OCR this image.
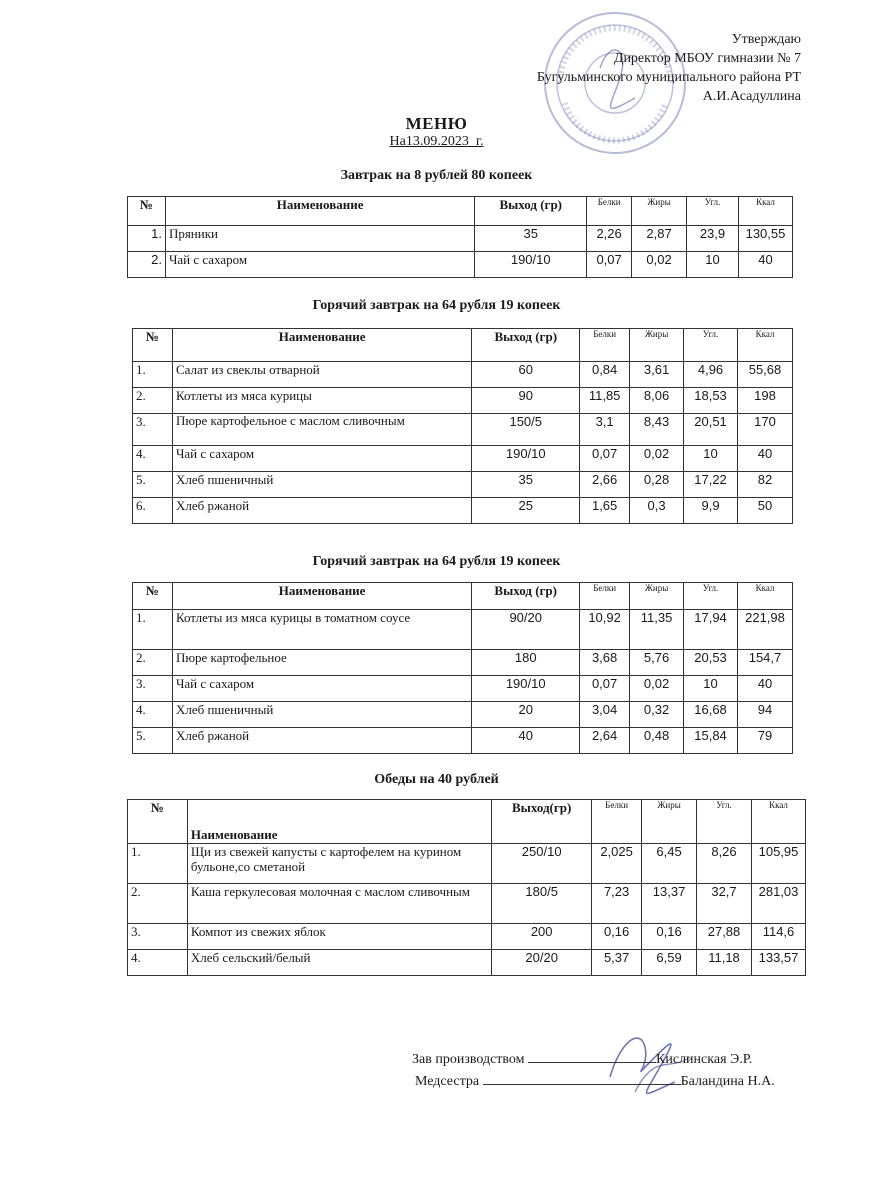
Утверждаю
Директор МБОУ гимназии № 7
Бугульминского муниципального района РТ
А.И.Асадуллина
МЕНЮ
На13.09.2023_г.
Завтрак на 8 рублей 80 копеек
№	Наименование	Выход (гр)	Белки	Жиры	Угл.	Ккал
1.	Пряники	35	2,26	2,87	23,9	130,55
2.	Чай с сахаром	190/10	0,07	0,02	10	40
Горячий завтрак на 64 рубля 19 копеек
№	Наименование	Выход (гр)	Белки	Жиры	Угл.	Ккал
1.	Салат из свеклы отварной	60	0,84	3,61	4,96	55,68
2.	Котлеты из мяса курицы	90	11,85	8,06	18,53	198
3.	Пюре картофельное с маслом сливочным	150/5	3,1	8,43	20,51	170
4.	Чай с сахаром	190/10	0,07	0,02	10	40
5.	Хлеб пшеничный	35	2,66	0,28	17,22	82
6.	Хлеб ржаной	25	1,65	0,3	9,9	50
Горячий завтрак на 64 рубля 19 копеек
№	Наименование	Выход (гр)	Белки	Жиры	Угл.	Ккал
1.	Котлеты из мяса курицы в томатном соусе	90/20	10,92	11,35	17,94	221,98
2.	Пюре картофельное	180	3,68	5,76	20,53	154,7
3.	Чай с сахаром	190/10	0,07	0,02	10	40
4.	Хлеб пшеничный	20	3,04	0,32	16,68	94
5.	Хлеб ржаной	40	2,64	0,48	15,84	79
Обеды на 40 рублей
№	Наименование	Выход(гр)	Белки	Жиры	Угл.	Ккал
1.	Щи из свежей капусты с картофелем на курином бульоне,со сметаной	250/10	2,025	6,45	8,26	105,95
2.	Каша геркулесовая молочная с маслом сливочным	180/5	7,23	13,37	32,7	281,03
3.	Компот из свежих яблок	200	0,16	0,16	27,88	114,6
4.	Хлеб сельский/белый	20/20	5,37	6,59	11,18	133,57
Зав производством	Кислинская Э.Р.
Медсестра	Баландина Н.А.
